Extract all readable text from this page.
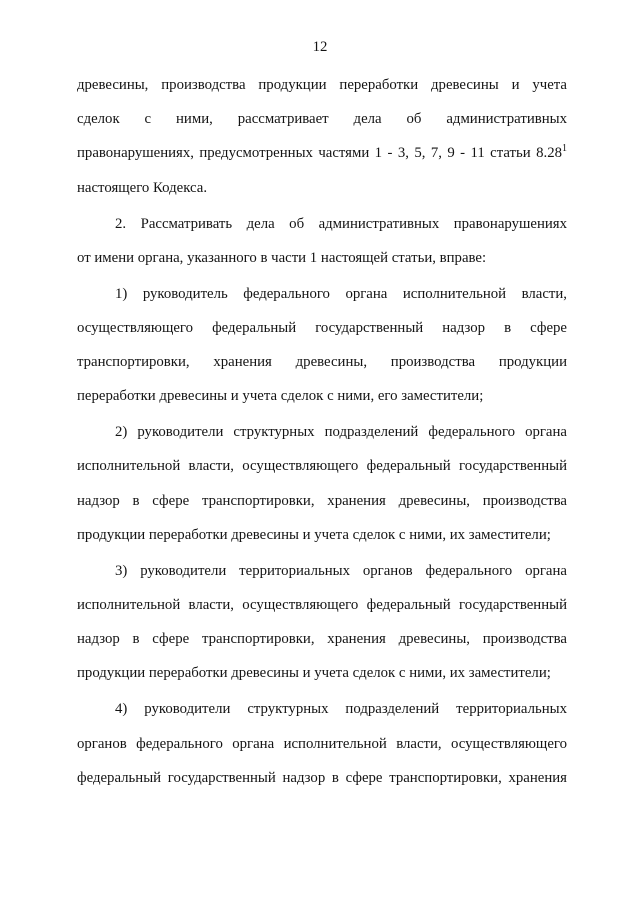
12
древесины, производства продукции переработки древесины и учета
сделок с ними, рассматривает дела об административных
правонарушениях, предусмотренных частями 1 - 3, 5, 7, 9 - 11 статьи 8.28$^1$
настоящего Кодекса.
2. Рассматривать дела об административных правонарушениях
от имени органа, указанного в части 1 настоящей статьи, вправе:
1) руководитель федерального органа исполнительной власти,
осуществляющего федеральный государственный надзор в сфере
транспортировки, хранения древесины, производства продукции
переработки древесины и учета сделок с ними, его заместители;
2) руководители структурных подразделений федерального органа
исполнительной власти, осуществляющего федеральный государственный
надзор в сфере транспортировки, хранения древесины, производства
продукции переработки древесины и учета сделок с ними, их заместители;
3) руководители территориальных органов федерального органа
исполнительной власти, осуществляющего федеральный государственный
надзор в сфере транспортировки, хранения древесины, производства
продукции переработки древесины и учета сделок с ними, их заместители;
4) руководители структурных подразделений территориальных
органов федерального органа исполнительной власти, осуществляющего
федеральный государственный надзор в сфере транспортировки, хранения
